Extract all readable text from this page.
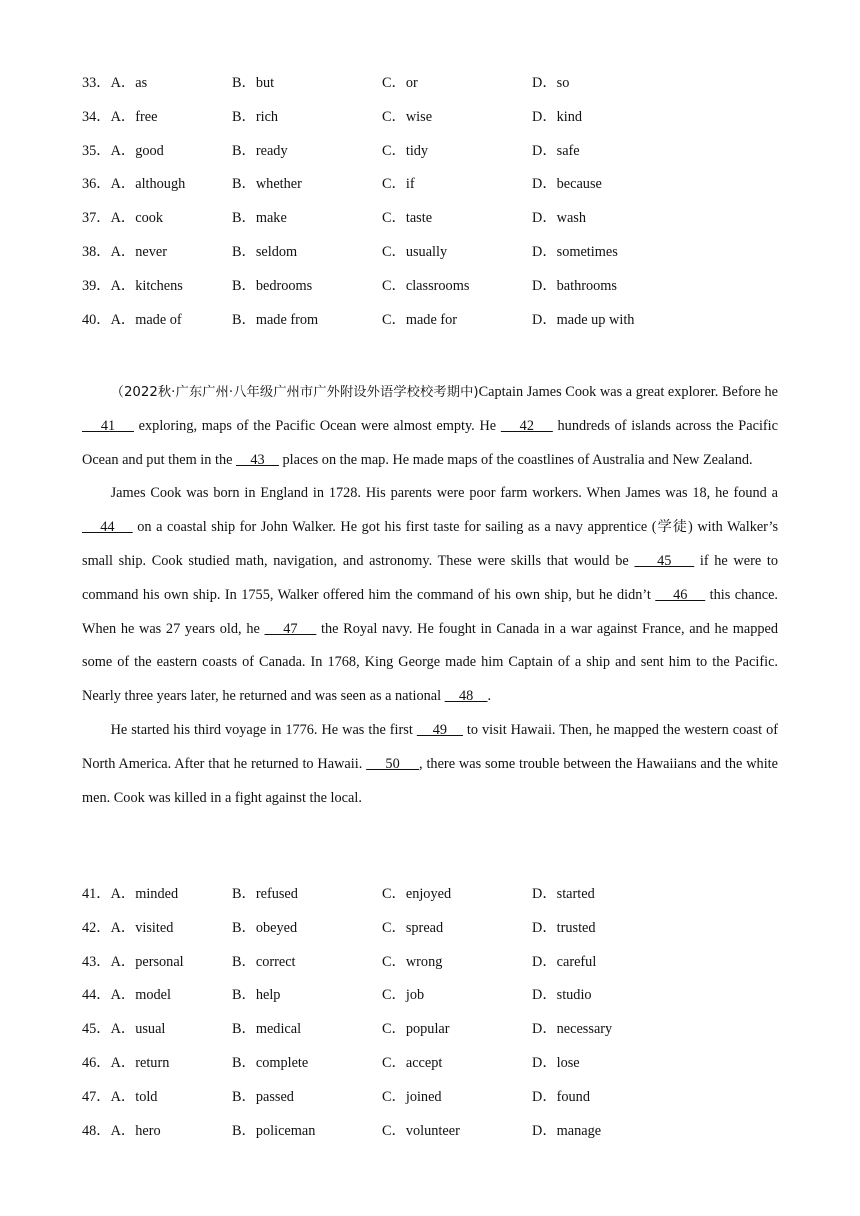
33．A．as	B．but	C．or	D．so
34．A．free	B．rich	C．wise	D．kind
35．A．good	B．ready	C．tidy	D．safe
36．A．although	B．whether	C．if	D．because
37．A．cook	B．make	C．taste	D．wash
38．A．never	B．seldom	C．usually	D．sometimes
39．A．kitchens	B．bedrooms	C．classrooms	D．bathrooms
40．A．made of	B．made from	C．made for	D．made up with

（2022秋·广东广州·八年级广州市广外附设外语学校校考期中)Captain James Cook was a great explorer. Before he     41     exploring, maps of the Pacific Ocean were almost empty. He     42     hundreds of islands across the Pacific Ocean and put them in the     43     places on the map. He made maps of the coastlines of Australia and New Zealand.

James Cook was born in England in 1728. His parents were poor farm workers. When James was 18, he found a     44     on a coastal ship for John Walker. He got his first taste for sailing as a navy apprentice (学徒) with Walker’s small ship. Cook studied math, navigation, and astronomy. These were skills that would be     45     if he were to command his own ship. In 1755, Walker offered him the command of his own ship, but he didn’t     46     this chance. When he was 27 years old, he     47     the Royal navy. He fought in Canada in a war against France, and he mapped some of the eastern coasts of Canada. In 1768, King George made him Captain of a ship and sent him to the Pacific. Nearly three years later, he returned and was seen as a national     48    .

He started his third voyage in 1776. He was the first     49     to visit Hawaii. Then, he mapped the western coast of North America. After that he returned to Hawaii.      50     , there was some trouble between the Hawaiians and the white men. Cook was killed in a fight against the local.

41．A．minded	B．refused	C．enjoyed	D．started
42．A．visited	B．obeyed	C．spread	D．trusted
43．A．personal	B．correct	C．wrong	D．careful
44．A．model	B．help	C．job	D．studio
45．A．usual	B．medical	C．popular	D．necessary
46．A．return	B．complete	C．accept	D．lose
47．A．told	B．passed	C．joined	D．found
48．A．hero	B．policeman	C．volunteer	D．manage
